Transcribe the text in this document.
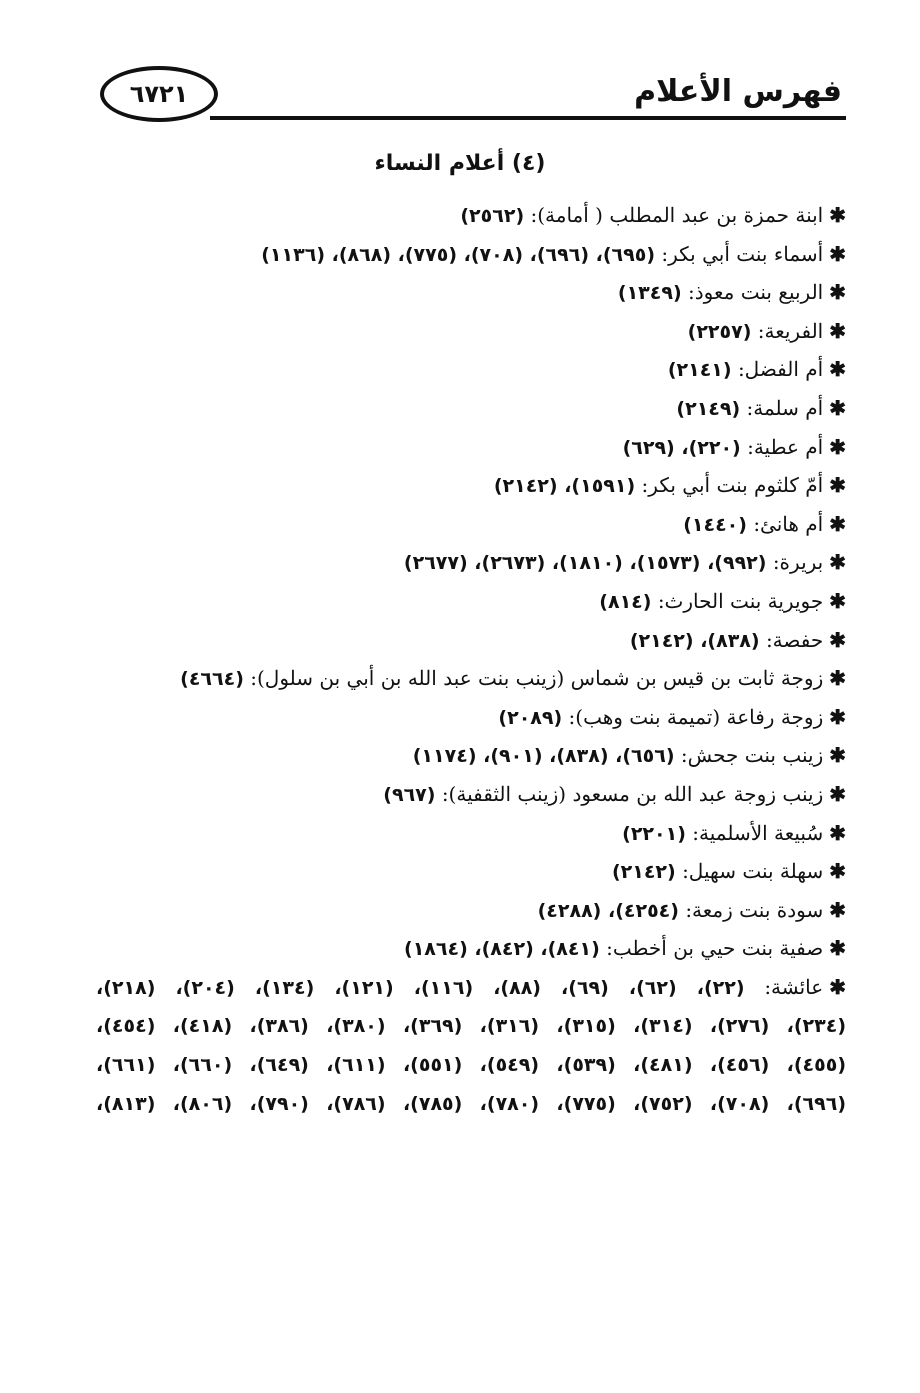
فهرس الأعلام
٦٧٢١
(٤) أعلام النساء
✱ابنة حمزة بن عبد المطلب ( أمامة): (٢٥٦٢)
✱أسماء بنت أبي بكر: (٦٩٥)، (٦٩٦)، (٧٠٨)، (٧٧٥)، (٨٦٨)، (١١٣٦)
✱الربيع بنت معوذ: (١٣٤٩)
✱الفريعة: (٢٢٥٧)
✱أم الفضل: (٢١٤١)
✱أم سلمة: (٢١٤٩)
✱أم عطية: (٢٢٠)، (٦٢٩)
✱أمّ كلثوم بنت أبي بكر: (١٥٩١)، (٢١٤٢)
✱أم هانئ: (١٤٤٠)
✱بريرة: (٩٩٢)، (١٥٧٣)، (١٨١٠)، (٢٦٧٣)، (٢٦٧٧)
✱جويرية بنت الحارث: (٨١٤)
✱حفصة: (٨٣٨)، (٢١٤٢)
✱زوجة ثابت بن قيس بن شماس (زينب بنت عبد الله بن أبي بن سلول): (٤٦٦٤)
✱زوجة رفاعة (تميمة بنت وهب): (٢٠٨٩)
✱زينب بنت جحش: (٦٥٦)، (٨٣٨)، (٩٠١)، (١١٧٤)
✱زينب زوجة عبد الله بن مسعود (زينب الثقفية): (٩٦٧)
✱سُبيعة الأسلمية: (٢٢٠١)
✱سهلة بنت سهيل: (٢١٤٢)
✱سودة بنت زمعة: (٤٢٥٤)، (٤٢٨٨)
✱صفية بنت حيي بن أخطب: (٨٤١)، (٨٤٢)، (١٨٦٤)
✱عائشة: (٢٢)، (٦٢)، (٦٩)، (٨٨)، (١١٦)، (١٢١)، (١٣٤)، (٢٠٤)، (٢١٨)،
(٢٣٤)، (٢٧٦)، (٣١٤)، (٣١٥)، (٣١٦)، (٣٦٩)، (٣٨٠)، (٣٨٦)، (٤١٨)، (٤٥٤)،
(٤٥٥)، (٤٥٦)، (٤٨١)، (٥٣٩)، (٥٤٩)، (٥٥١)، (٦١١)، (٦٤٩)، (٦٦٠)، (٦٦١)،
(٦٩٦)، (٧٠٨)، (٧٥٢)، (٧٧٥)، (٧٨٠)، (٧٨٥)، (٧٨٦)، (٧٩٠)، (٨٠٦)، (٨١٣)،
